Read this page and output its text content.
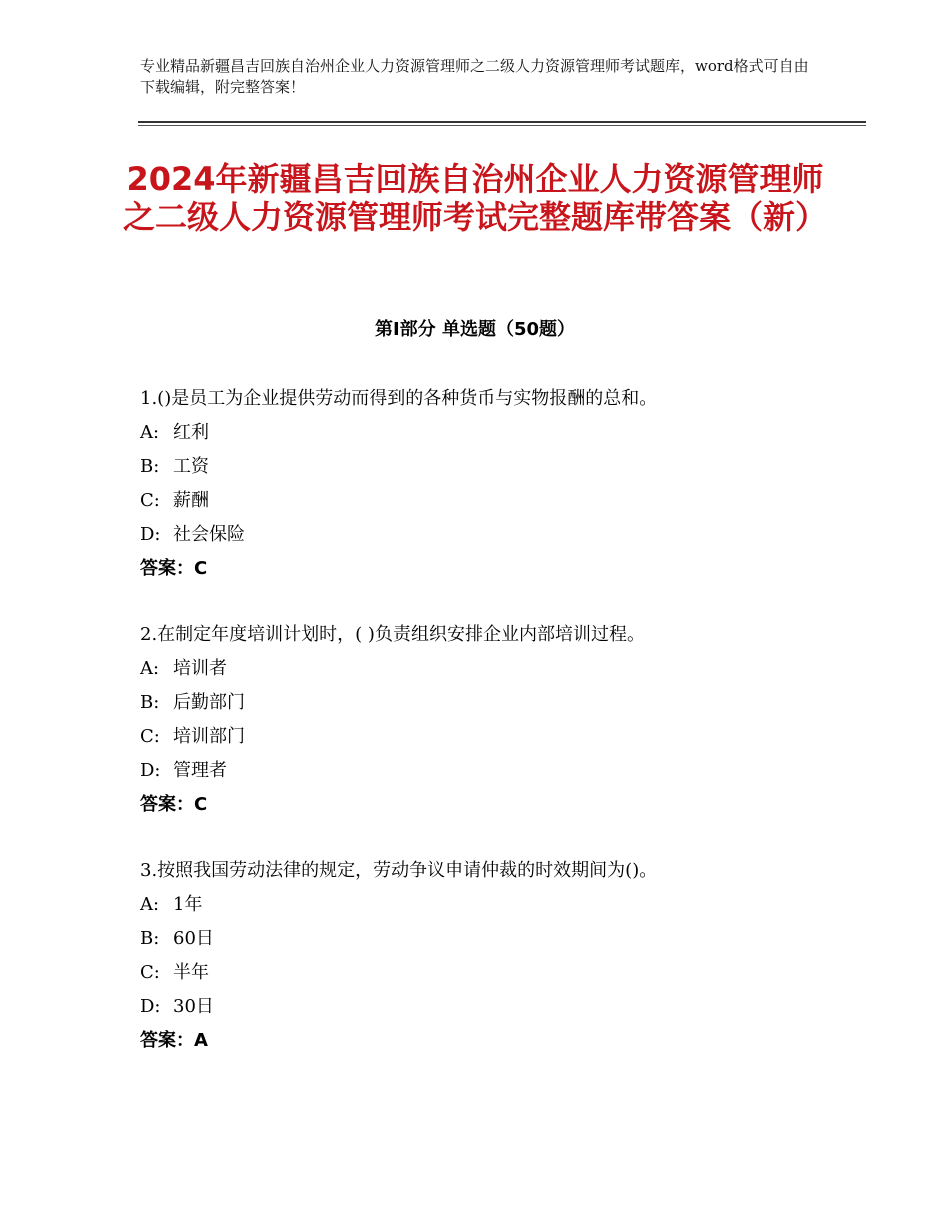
专业精品新疆昌吉回族自治州企业人力资源管理师之二级人力资源管理师考试题库，word格式可自由下载编辑，附完整答案！
2024年新疆昌吉回族自治州企业人力资源管理师之二级人力资源管理师考试完整题库带答案（新）
第Ⅰ部分 单选题（50题）
1.()是员工为企业提供劳动而得到的各种货币与实物报酬的总和。
A: 红利
B: 工资
C: 薪酬
D: 社会保险
答案：C
2.在制定年度培训计划时，( )负责组织安排企业内部培训过程。
A: 培训者
B: 后勤部门
C: 培训部门
D: 管理者
答案：C
3.按照我国劳动法律的规定，劳动争议申请仲裁的时效期间为()。
A: 1年
B: 60日
C: 半年
D: 30日
答案：A
